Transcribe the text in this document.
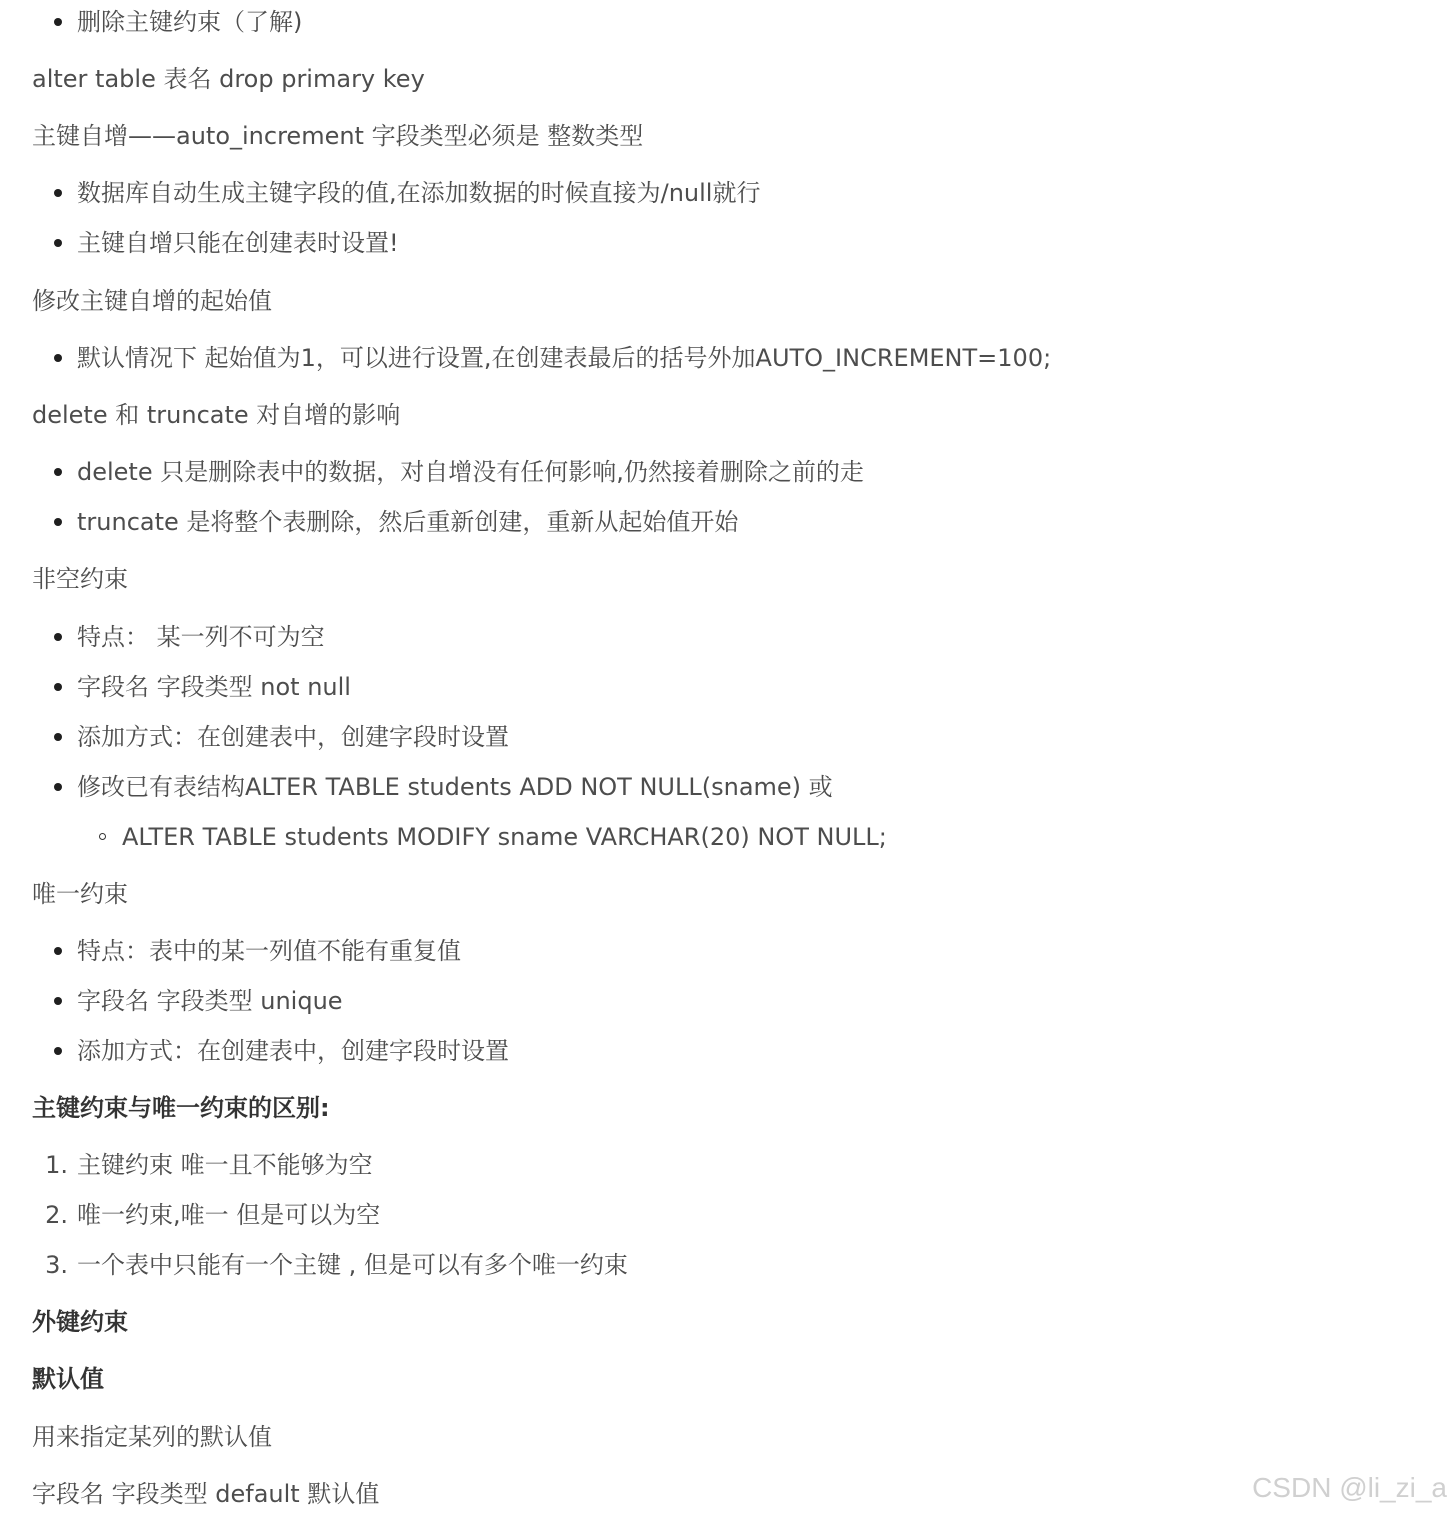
删除主键约束（了解)
alter table 表名 drop primary key
主键自增——auto_increment 字段类型必须是 整数类型
数据库自动生成主键字段的值,在添加数据的时候直接为/null就行
主键自增只能在创建表时设置!
修改主键自增的起始值
默认情况下 起始值为1，可以进行设置,在创建表最后的括号外加AUTO_INCREMENT=100;
delete 和 truncate 对自增的影响
delete 只是删除表中的数据，对自增没有任何影响,仍然接着删除之前的走
truncate 是将整个表删除，然后重新创建，重新从起始值开始
非空约束
特点： 某一列不可为空
字段名 字段类型 not null
添加方式：在创建表中，创建字段时设置
修改已有表结构ALTER TABLE students ADD NOT NULL(sname) 或
ALTER TABLE students MODIFY sname VARCHAR(20) NOT NULL;
唯一约束
特点：表中的某一列值不能有重复值
字段名 字段类型 unique
添加方式：在创建表中，创建字段时设置
主键约束与唯一约束的区别:
1. 主键约束 唯一且不能够为空
2. 唯一约束,唯一 但是可以为空
3. 一个表中只能有一个主键 , 但是可以有多个唯一约束
外键约束
默认值
用来指定某列的默认值
字段名 字段类型 default 默认值	CSDN @li_zi_a
